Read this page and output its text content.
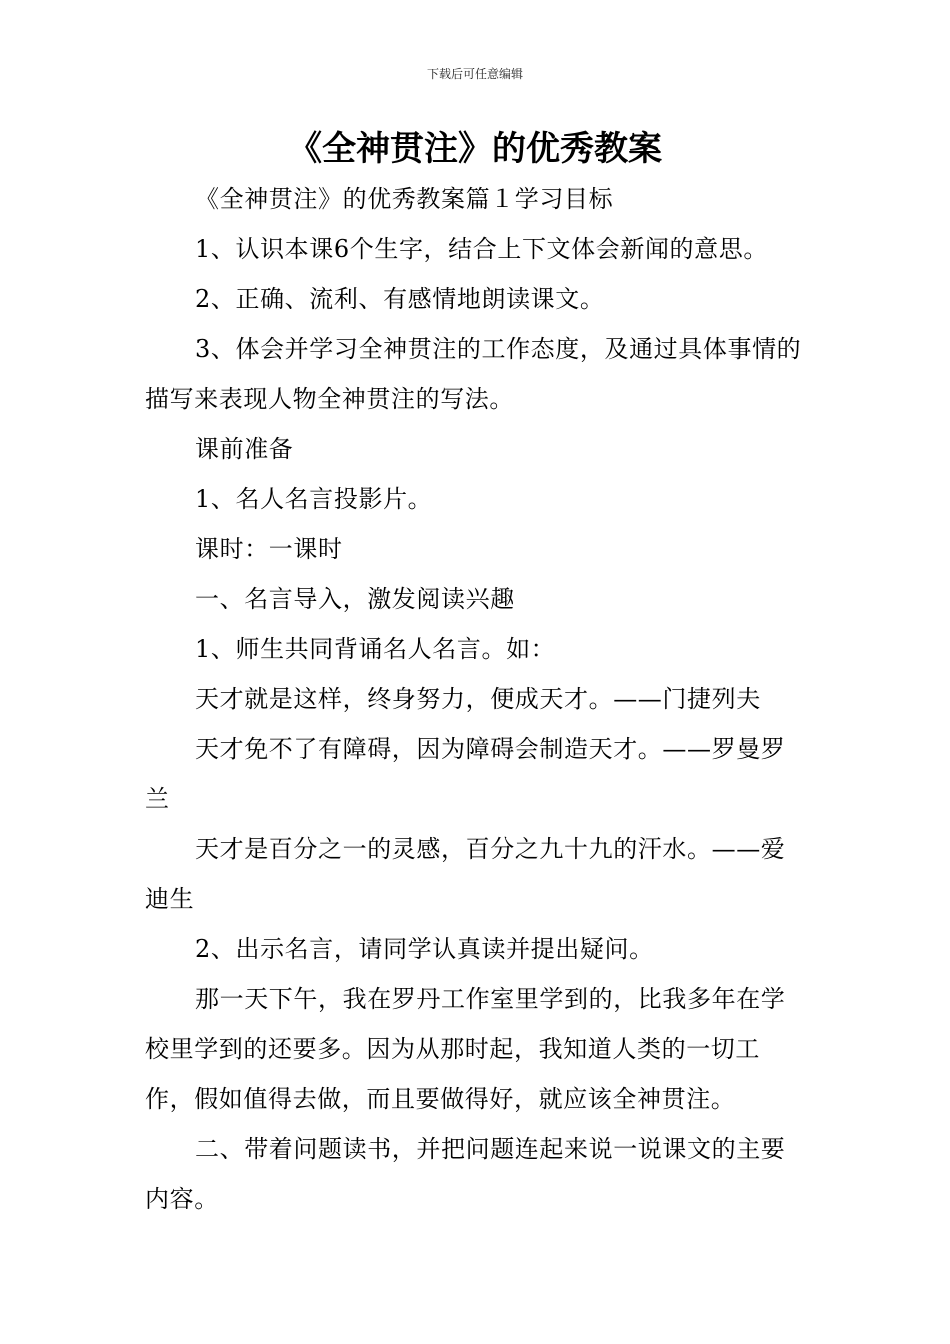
下载后可任意编辑
《全神贯注》的优秀教案

《全神贯注》的优秀教案篇１学习目标

1、认识本课6个生字，结合上下文体会新闻的意思。

2、正确、流利、有感情地朗读课文。

3、体会并学习全神贯注的工作态度，及通过具体事情的描写来表现人物全神贯注的写法。

课前准备

1、名人名言投影片。

课时：一课时

一、名言导入，激发阅读兴趣

1、师生共同背诵名人名言。如：

天才就是这样，终身努力，便成天才。——门捷列夫

天才免不了有障碍，因为障碍会制造天才。——罗曼罗兰

天才是百分之一的灵感，百分之九十九的汗水。——爱迪生

2、出示名言，请同学认真读并提出疑问。

那一天下午，我在罗丹工作室里学到的，比我多年在学校里学到的还要多。因为从那时起，我知道人类的一切工作，假如值得去做，而且要做得好，就应该全神贯注。

二、带着问题读书，并把问题连起来说一说课文的主要内容。
